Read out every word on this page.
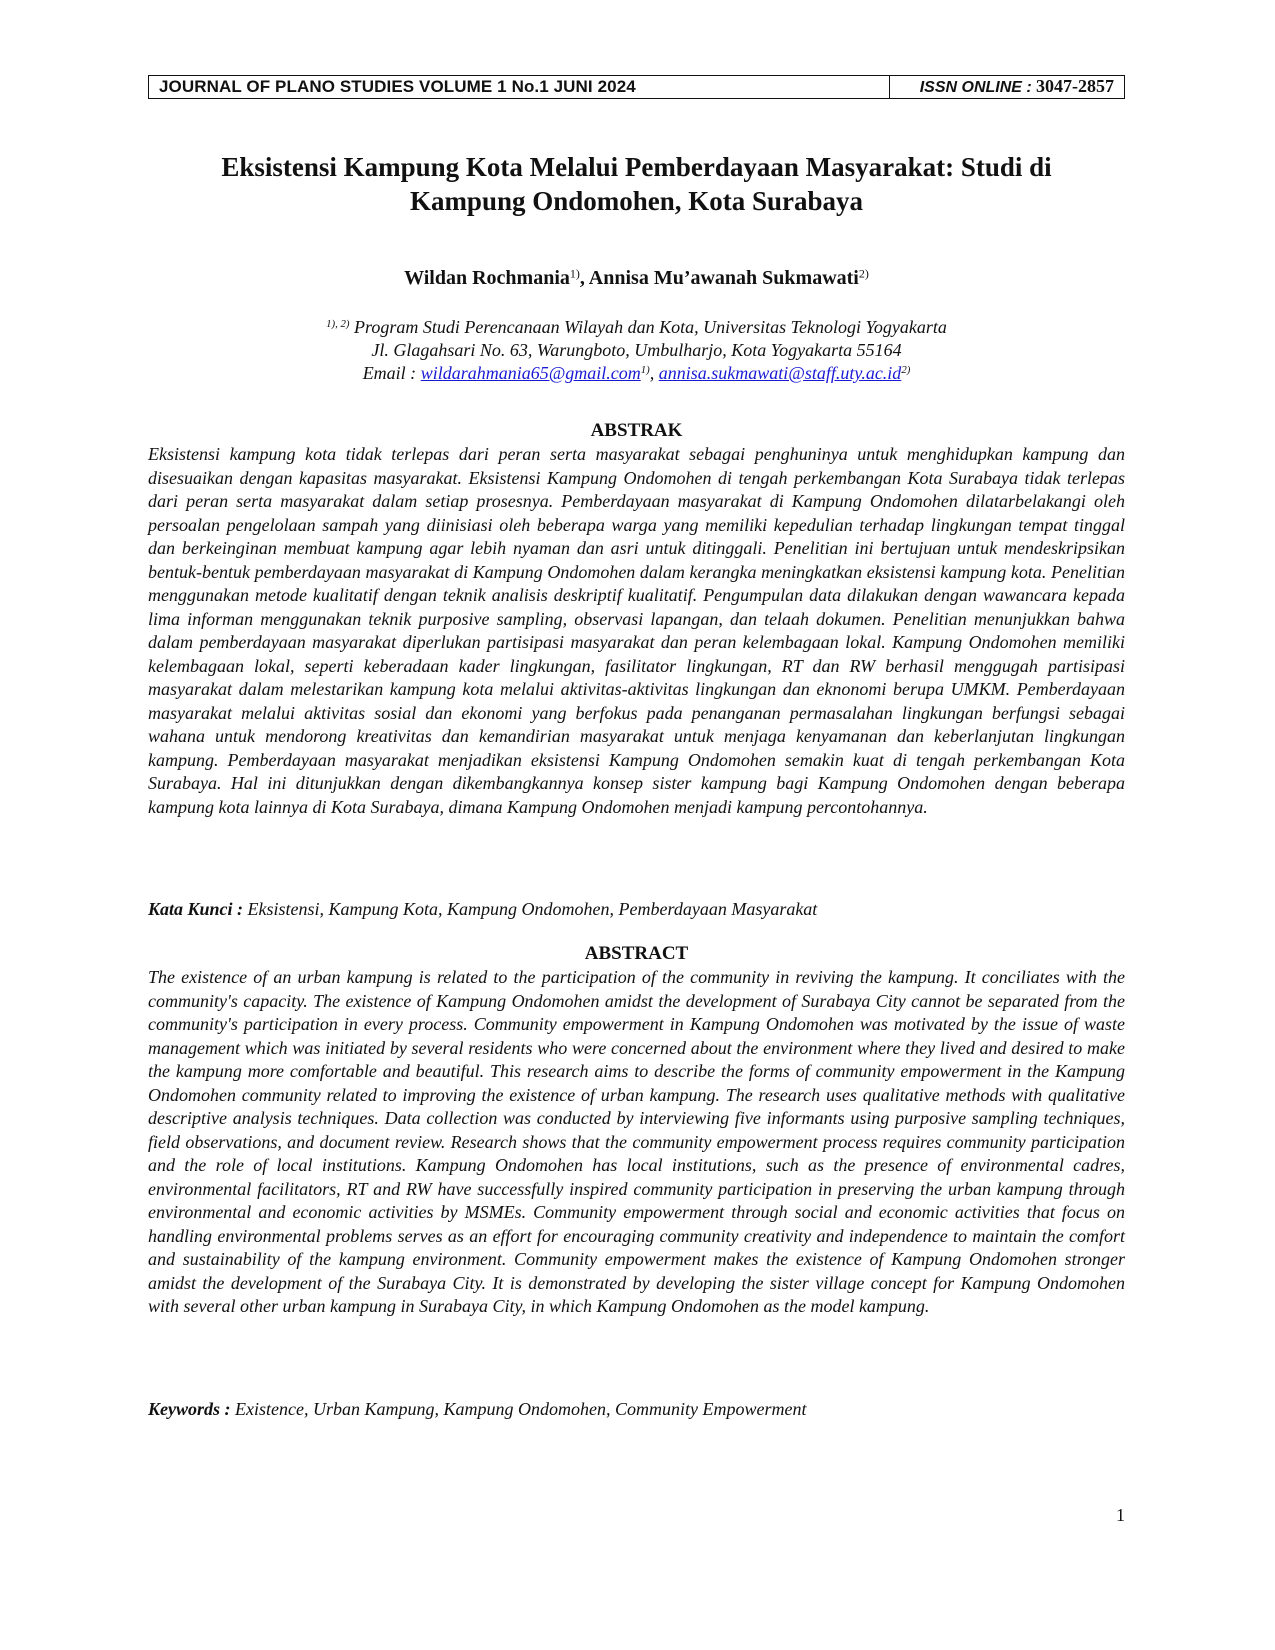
JOURNAL OF PLANO STUDIES VOLUME 1 No.1 JUNI 2024	ISSN ONLINE : 3047-2857
Eksistensi Kampung Kota Melalui Pemberdayaan Masyarakat: Studi di
Kampung Ondomohen, Kota Surabaya
Wildan Rochmania$^{1)}$, Annisa Mu’awanah Sukmawati$^{2)}$
$^{1), 2)}$ Program Studi Perencanaan Wilayah dan Kota, Universitas Teknologi Yogyakarta
Jl. Glagahsari No. 63, Warungboto, Umbulharjo, Kota Yogyakarta 55164
Email : wildarahmania65@gmail.com$^{1)}$, $annisa.sukmawati@staff.uty.ac.id^{2)}$
ABSTRAK

Eksistensi kampung kota tidak terlepas dari peran serta masyarakat sebagai penghuninya untuk menghidupkan kampung dan disesuaikan dengan kapasitas masyarakat. Eksistensi Kampung Ondomohen di tengah perkembangan Kota Surabaya tidak terlepas dari peran serta masyarakat dalam setiap prosesnya. Pemberdayaan masyarakat di Kampung Ondomohen dilatarbelakangi oleh persoalan pengelolaan sampah yang diinisiasi oleh beberapa warga yang memiliki kepedulian terhadap lingkungan tempat tinggal dan berkeinginan membuat kampung agar lebih nyaman dan asri untuk ditinggali. Penelitian ini bertujuan untuk mendeskripsikan bentuk-bentuk pemberdayaan masyarakat di Kampung Ondomohen dalam kerangka meningkatkan eksistensi kampung kota. Penelitian menggunakan metode kualitatif dengan teknik analisis deskriptif kualitatif. Pengumpulan data dilakukan dengan wawancara kepada lima informan menggunakan teknik purposive sampling, observasi lapangan, dan telaah dokumen. Penelitian menunjukkan bahwa dalam pemberdayaan masyarakat diperlukan partisipasi masyarakat dan peran kelembagaan lokal. Kampung Ondomohen memiliki kelembagaan lokal, seperti keberadaan kader lingkungan, fasilitator lingkungan, RT dan RW berhasil menggugah partisipasi masyarakat dalam melestarikan kampung kota melalui aktivitas-aktivitas lingkungan dan eknonomi berupa UMKM. Pemberdayaan masyarakat melalui aktivitas sosial dan ekonomi yang berfokus pada penanganan permasalahan lingkungan berfungsi sebagai wahana untuk mendorong kreativitas dan kemandirian masyarakat untuk menjaga kenyamanan dan keberlanjutan lingkungan kampung. Pemberdayaan masyarakat menjadikan eksistensi Kampung Ondomohen semakin kuat di tengah perkembangan Kota Surabaya. Hal ini ditunjukkan dengan dikembangkannya konsep sister kampung bagi Kampung Ondomohen dengan beberapa kampung kota lainnya di Kota Surabaya, dimana Kampung Ondomohen menjadi kampung percontohannya.

Kata Kunci : Eksistensi, Kampung Kota, Kampung Ondomohen, Pemberdayaan Masyarakat
ABSTRACT

The existence of an urban kampung is related to the participation of the community in reviving the kampung. It conciliates with the community's capacity. The existence of Kampung Ondomohen amidst the development of Surabaya City cannot be separated from the community's participation in every process. Community empowerment in Kampung Ondomohen was motivated by the issue of waste management which was initiated by several residents who were concerned about the environment where they lived and desired to make the kampung more comfortable and beautiful. This research aims to describe the forms of community empowerment in the Kampung Ondomohen community related to improving the existence of urban kampung. The research uses qualitative methods with qualitative descriptive analysis techniques. Data collection was conducted by interviewing five informants using purposive sampling techniques, field observations, and document review. Research shows that the community empowerment process requires community participation and the role of local institutions. Kampung Ondomohen has local institutions, such as the presence of environmental cadres, environmental facilitators, RT and RW have successfully inspired community participation in preserving the urban kampung through environmental and economic activities by MSMEs. Community empowerment through social and economic activities that focus on handling environmental problems serves as an effort for encouraging community creativity and independence to maintain the comfort and sustainability of the kampung environment. Community empowerment makes the existence of Kampung Ondomohen stronger amidst the development of the Surabaya City. It is demonstrated by developing the sister village concept for Kampung Ondomohen with several other urban kampung in Surabaya City, in which Kampung Ondomohen as the model kampung.

Keywords : Existence, Urban Kampung, Kampung Ondomohen, Community Empowerment
1
